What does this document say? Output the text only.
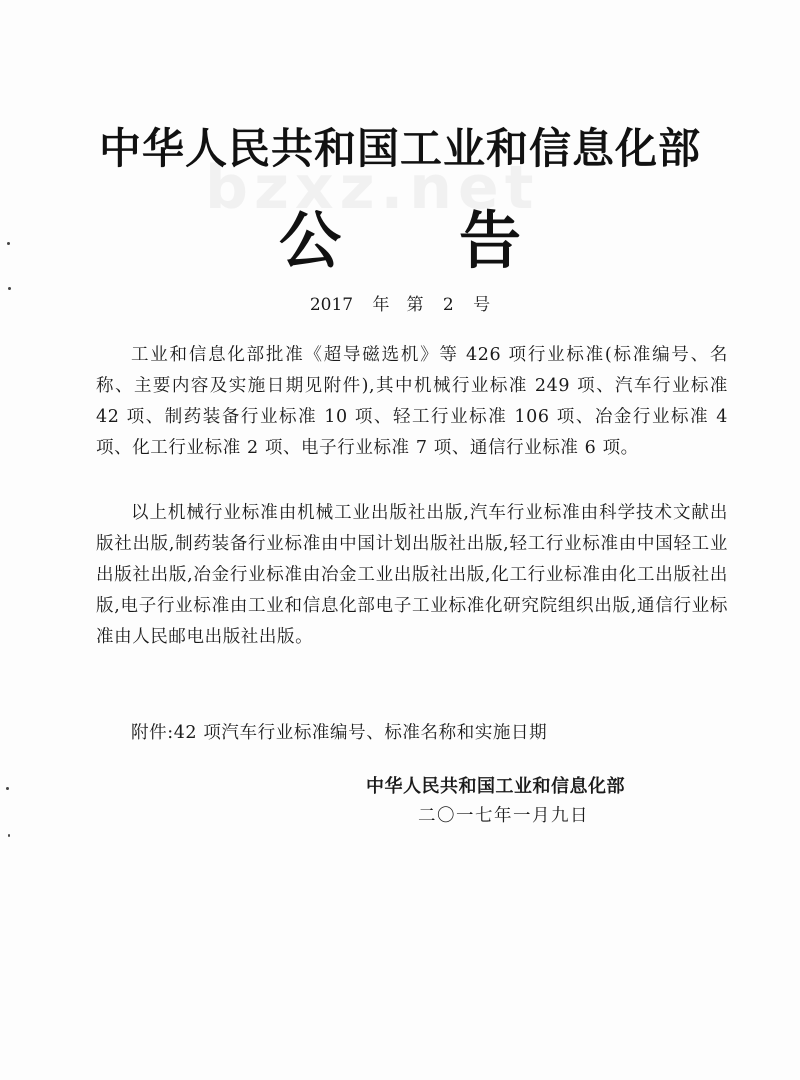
bzxz.net
中华人民共和国工业和信息化部
公告

2017 年　第 2 号

工业和信息化部批准《超导磁选机》等 426 项行业标准(标准编号、名称、主要内容及实施日期见附件),其中机械行业标准 249 项、汽车行业标准 42 项、制药装备行业标准 10 项、轻工行业标准 106 项、冶金行业标准 4 项、化工行业标准 2 项、电子行业标准 7 项、通信行业标准 6 项。

以上机械行业标准由机械工业出版社出版,汽车行业标准由科学技术文献出版社出版,制药装备行业标准由中国计划出版社出版,轻工行业标准由中国轻工业出版社出版,冶金行业标准由冶金工业出版社出版,化工行业标准由化工出版社出版,电子行业标准由工业和信息化部电子工业标准化研究院组织出版,通信行业标准由人民邮电出版社出版。

附件:42 项汽车行业标准编号、标准名称和实施日期

中华人民共和国工业和信息化部

二〇一七年一月九日
